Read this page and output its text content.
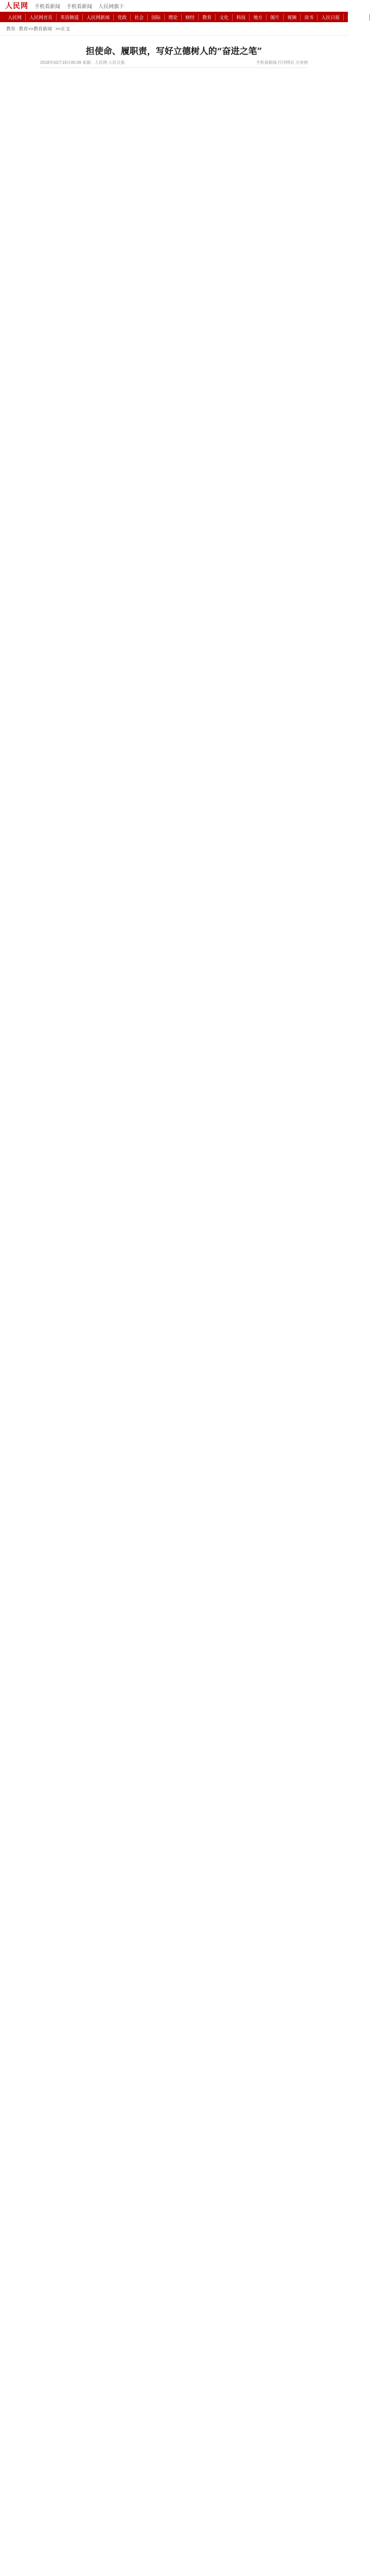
人民网 手机看新闻 手机看新闻 人民网旗下
人民网	人民网首页	英语频道	人民网新闻	党政	社会	国际	理论	财经	教育	文化	科技	地方	图片	视频	读书	人民日报	强国论坛
教育 教育>>教育新闻 >>正文
担使命、履职责，写好立德树人的“奋进之笔”
2018年03月19日05:09 来源：人民网-人民日报	手机看新闻 打印网页 分享到
